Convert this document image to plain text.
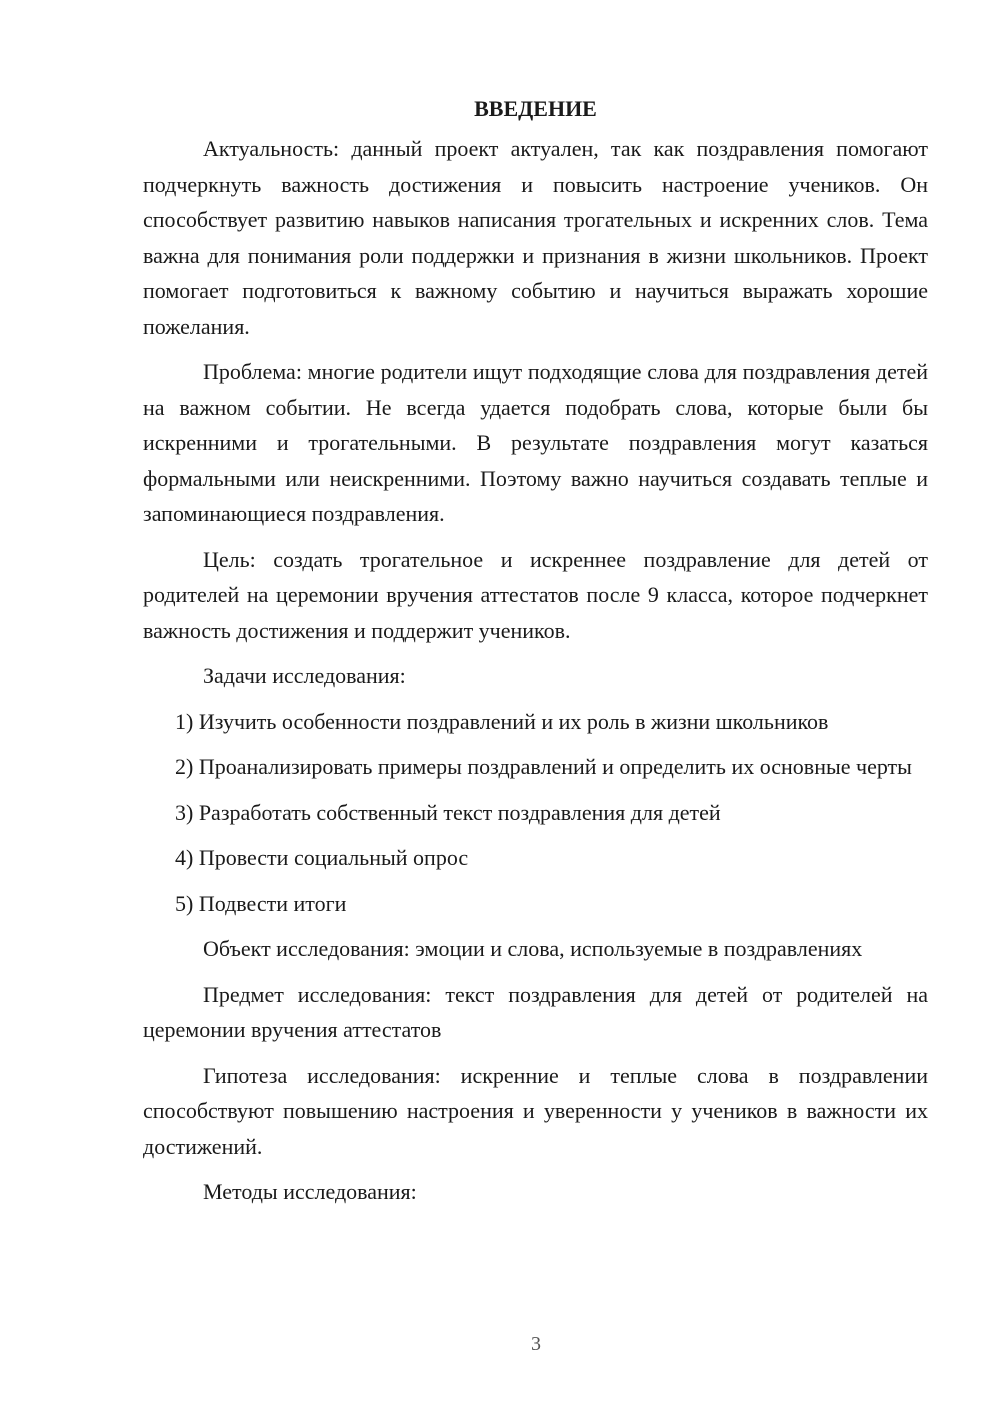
ВВЕДЕНИЕ

Актуальность: данный проект актуален, так как поздравления помогают подчеркнуть важность достижения и повысить настроение учеников. Он способствует развитию навыков написания трогательных и искренних слов. Тема важна для понимания роли поддержки и признания в жизни школьников. Проект помогает подготовиться к важному событию и научиться выражать хорошие пожелания.

Проблема: многие родители ищут подходящие слова для поздравления детей на важном событии. Не всегда удается подобрать слова, которые были бы искренними и трогательными. В результате поздравления могут казаться формальными или неискренними. Поэтому важно научиться создавать теплые и запоминающиеся поздравления.

Цель: создать трогательное и искреннее поздравление для детей от родителей на церемонии вручения аттестатов после 9 класса, которое подчеркнет важность достижения и поддержит учеников.

Задачи исследования:

1) Изучить особенности поздравлений и их роль в жизни школьников

2) Проанализировать примеры поздравлений и определить их основные черты

3) Разработать собственный текст поздравления для детей

4) Провести социальный опрос

5) Подвести итоги

Объект исследования: эмоции и слова, используемые в поздравлениях

Предмет исследования: текст поздравления для детей от родителей на церемонии вручения аттестатов

Гипотеза исследования: искренние и теплые слова в поздравлении способствуют повышению настроения и уверенности у учеников в важности их достижений.

Методы исследования:

3
